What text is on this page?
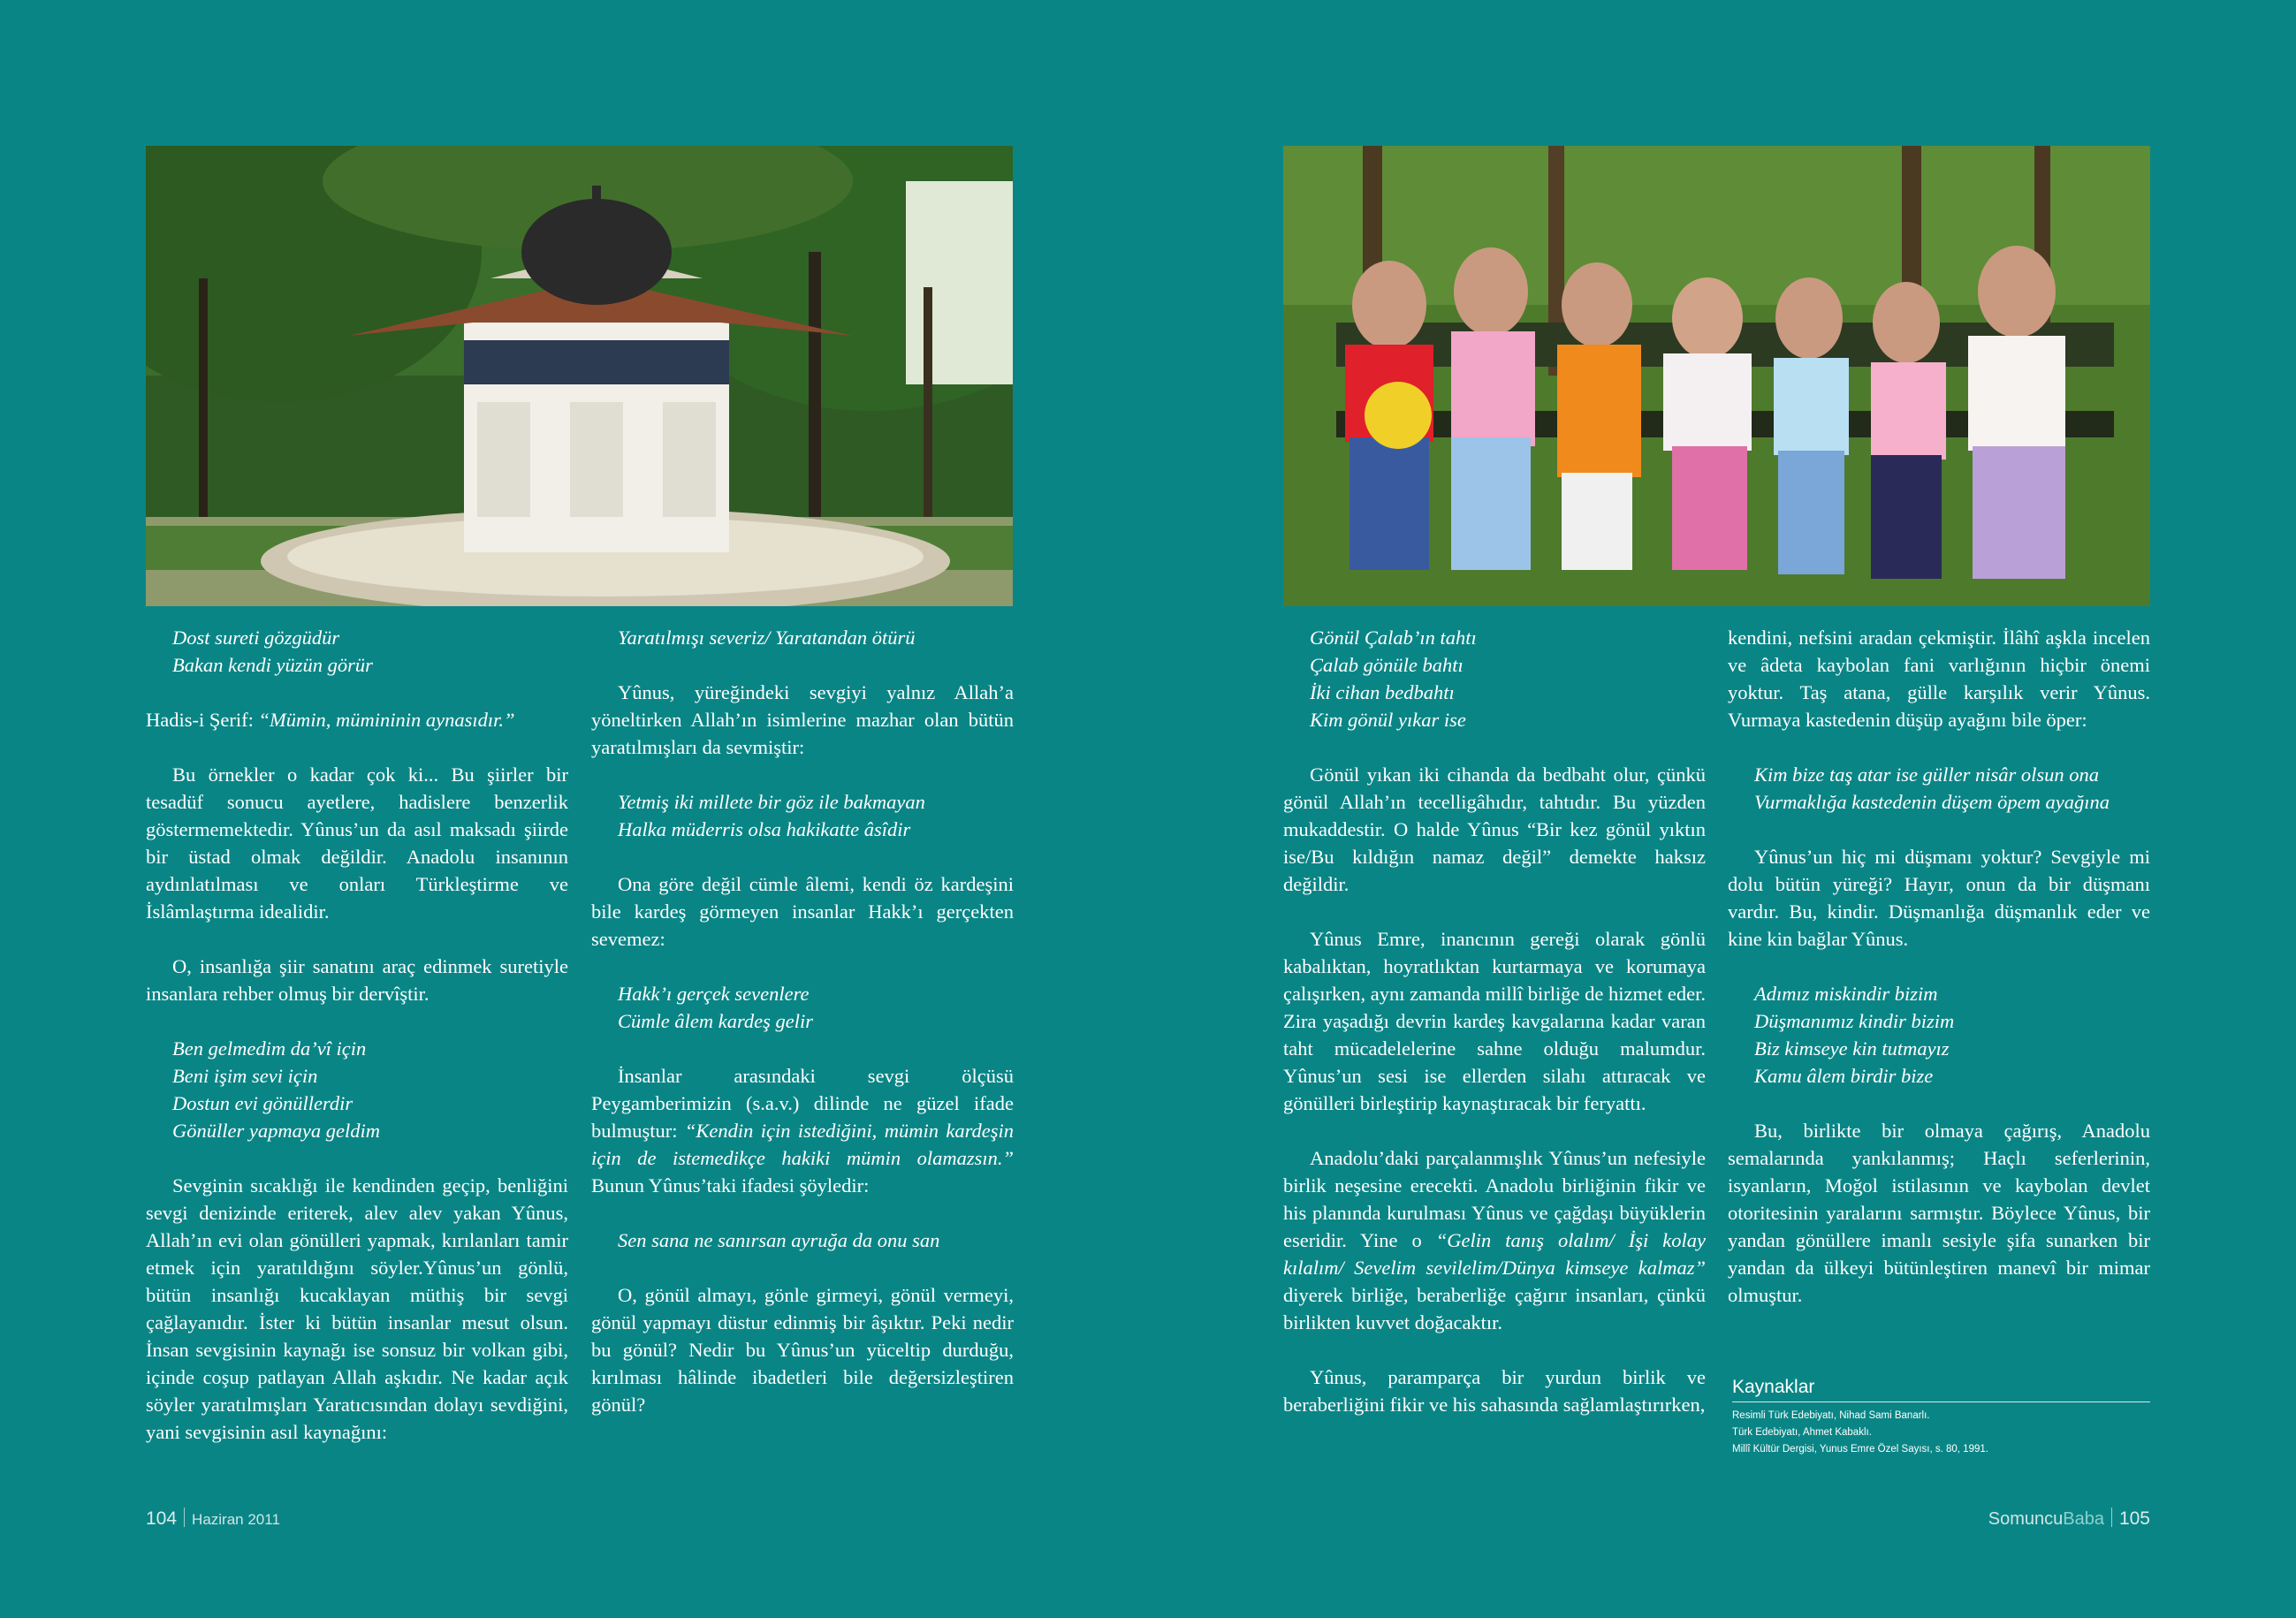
Dost sureti gözgüdür
Bakan kendi yüzün görür

Hadis-i Şerif: “Mümin, mümininin aynasıdır.”

Bu örnekler o kadar çok ki... Bu şiirler bir tesadüf sonucu ayetlere, hadislere benzerlik göstermemektedir. Yûnus’un da asıl maksadı şiirde bir üstad olmak değildir. Anadolu insanının aydınlatılması ve onları Türkleştirme ve İslâmlaştırma idealidir.

O, insanlığa şiir sanatını araç edinmek suretiyle insanlara rehber olmuş bir dervîştir.

Ben gelmedim da’vî için
Beni işim sevi için
Dostun evi gönüllerdir
Gönüller yapmaya geldim

Sevginin sıcaklığı ile kendinden geçip, benliğini sevgi denizinde eriterek, alev alev yakan Yûnus, Allah’ın evi olan gönülleri yapmak, kırılanları tamir etmek için yaratıldığını söyler.Yûnus’un gönlü, bütün insanlığı kucaklayan müthiş bir sevgi çağlayanıdır. İster ki bütün insanlar mesut olsun. İnsan sevgisinin kaynağı ise sonsuz bir volkan gibi, içinde coşup patlayan Allah aşkıdır. Ne kadar açık söyler yaratılmışları Yaratıcısından dolayı sevdiğini, yani sevgisinin asıl kaynağını:

Yaratılmışı severiz/ Yaratandan ötürü

Yûnus, yüreğindeki sevgiyi yalnız Allah’a yöneltirken Allah’ın isimlerine mazhar olan bütün yaratılmışları da sevmiştir:

Yetmiş iki millete bir göz ile bakmayan
Halka müderris olsa hakikatte âsîdir

Ona göre değil cümle âlemi, kendi öz kardeşini bile kardeş görmeyen insanlar Hakk’ı gerçekten sevemez:

Hakk’ı gerçek sevenlere
Cümle âlem kardeş gelir

İnsanlar arasındaki sevgi ölçüsü Peygamberimizin (s.a.v.) dilinde ne güzel ifade bulmuştur: “Kendin için istediğini, mümin kardeşin için de istemedikçe hakiki mümin olamazsın.” Bunun Yûnus’taki ifadesi şöyledir:

Sen sana ne sanırsan ayruğa da onu san

O, gönül almayı, gönle girmeyi, gönül vermeyi, gönül yapmayı düstur edinmiş bir âşıktır. Peki nedir bu gönül? Nedir bu Yûnus’un yüceltip durduğu, kırılması hâlinde ibadetleri bile değersizleştiren gönül?

Gönül Çalab’ın tahtı
Çalab gönüle bahtı
İki cihan bedbahtı
Kim gönül yıkar ise

Gönül yıkan iki cihanda da bedbaht olur, çünkü gönül Allah’ın tecelligâhıdır, tahtıdır. Bu yüzden mukaddestir. O halde Yûnus “Bir kez gönül yıktın ise/Bu kıldığın namaz değil” demekte haksız değildir.

Yûnus Emre, inancının gereği olarak gönlü kabalıktan, hoyratlıktan kurtarmaya ve korumaya çalışırken, aynı zamanda millî birliğe de hizmet eder. Zira yaşadığı devrin kardeş kavgalarına kadar varan taht mücadelelerine sahne olduğu malumdur. Yûnus’un sesi ise ellerden silahı attıracak ve gönülleri birleştirip kaynaştıracak bir feryattı.

Anadolu’daki parçalanmışlık Yûnus’un nefesiyle birlik neşesine erecekti. Anadolu birliğinin fikir ve his planında kurulması Yûnus ve çağdaşı büyüklerin eseridir. Yine o “Gelin tanış olalım/ İşi kolay kılalım/ Sevelim sevilelim/Dünya kimseye kalmaz” diyerek birliğe, beraberliğe çağırır insanları, çünkü birlikten kuvvet doğacaktır.

Yûnus, paramparça bir yurdun birlik ve beraberliğini fikir ve his sahasında sağlamlaştırırken,

kendini, nefsini aradan çekmiştir. İlâhî aşkla incelen ve âdeta kaybolan fani varlığının hiçbir önemi yoktur. Taş atana, gülle karşılık verir Yûnus. Vurmaya kastedenin düşüp ayağını bile öper:

Kim bize taş atar ise güller nisâr olsun ona
Vurmaklığa kastedenin düşem öpem ayağına

Yûnus’un hiç mi düşmanı yoktur? Sevgiyle mi dolu bütün yüreği? Hayır, onun da bir düşmanı vardır. Bu, kindir. Düşmanlığa düşmanlık eder ve kine kin bağlar Yûnus.

Adımız miskindir bizim
Düşmanımız kindir bizim
Biz kimseye kin tutmayız
Kamu âlem birdir bize

Bu, birlikte bir olmaya çağırış, Anadolu semalarında yankılanmış; Haçlı seferlerinin, isyanların, Moğol istilasının ve kaybolan devlet otoritesinin yaralarını sarmıştır. Böylece Yûnus, bir yandan gönüllere imanlı sesiyle şifa sunarken bir yandan da ülkeyi bütünleştiren manevî bir mimar olmuştur.

Kaynaklar
Resimli Türk Edebiyatı, Nihad Sami Banarlı.
Türk Edebiyatı, Ahmet Kabaklı.
Millî Kültür Dergisi, Yunus Emre Özel Sayısı, s. 80, 1991.
104 Haziran 2011	SomuncuBaba 105
